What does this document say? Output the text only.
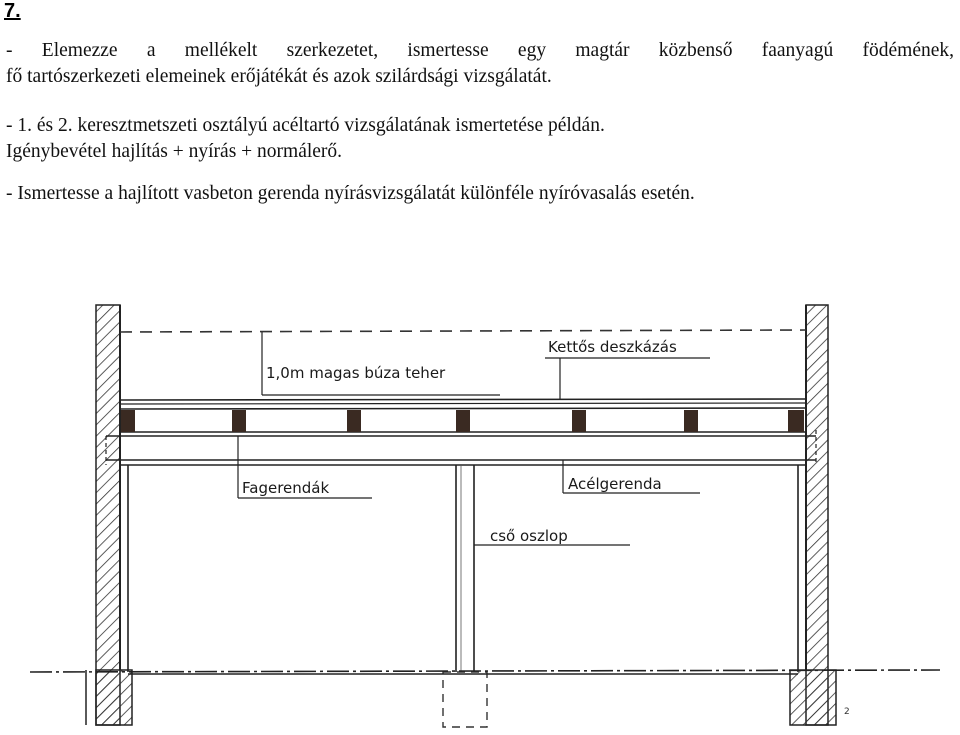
7.
- Elemezze a mellékelt szerkezetet, ismertesse egy magtár közbenső faanyagú födémének,
fő tartószerkezeti elemeinek erőjátékát és azok szilárdsági vizsgálatát.
- 1. és 2. keresztmetszeti osztályú acéltartó vizsgálatának ismertetése példán.
Igénybevétel hajlítás + nyírás + normálerő.
- Ismertesse a hajlított vasbeton gerenda nyírásvizsgálatát különféle nyíróvasalás esetén.
1,0m magas búza teher
Kettős deszkázás
Fagerendák	Acélgerenda
cső oszlop
2
